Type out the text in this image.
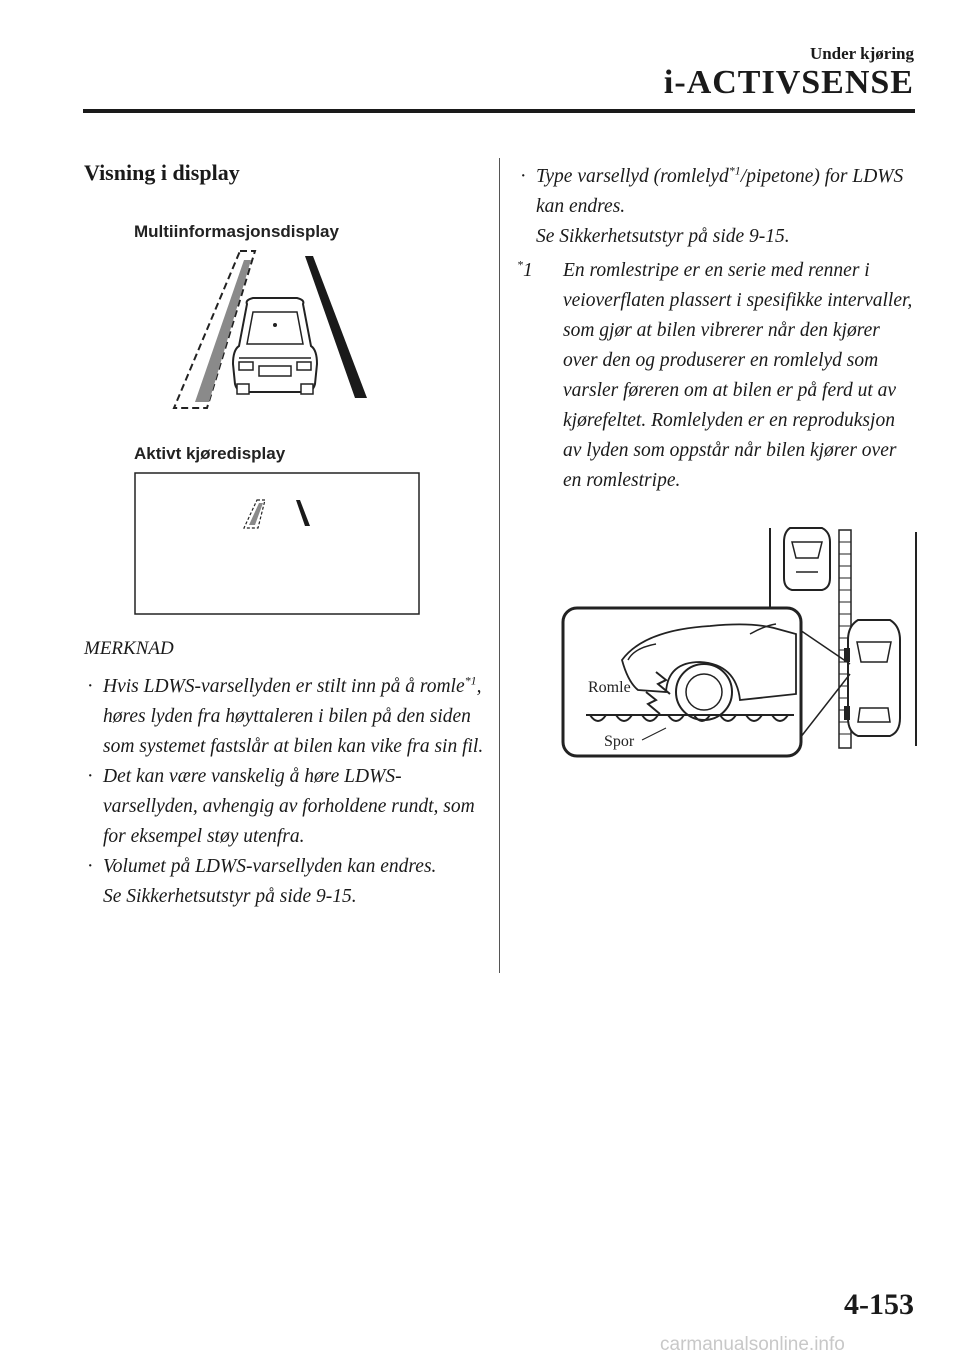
Under kjøring
i-ACTIVSENSE
Visning i display
Multiinformasjonsdisplay
Aktivt kjøredisplay
MERKNAD

· Hvis LDWS-varsellyden er stilt inn på å romle$^{*1}$, høres lyden fra høyttaleren i bilen på den siden som systemet fastslår at bilen kan vike fra sin fil.

· Det kan være vanskelig å høre LDWS-varsellyden, avhengig av forholdene rundt, som for eksempel støy utenfra.

· Volumet på LDWS-varsellyden kan endres.
Se Sikkerhetsutstyr på side 9-15.

· Type varsellyd (romlelyd$^{*1}$/pipetone) for LDWS kan endres.
Se Sikkerhetsutstyr på side 9-15.

*1 En romlestripe er en serie med renner i veioverflaten plassert i spesifikke intervaller, som gjør at bilen vibrerer når den kjører over den og produserer en romlelyd som varsler føreren om at bilen er på ferd ut av kjørefeltet. Romlelyden er en reproduksjon av lyden som oppstår når bilen kjører over en romlestripe.
Romle
Spor
4-153
carmanualsonline.info
